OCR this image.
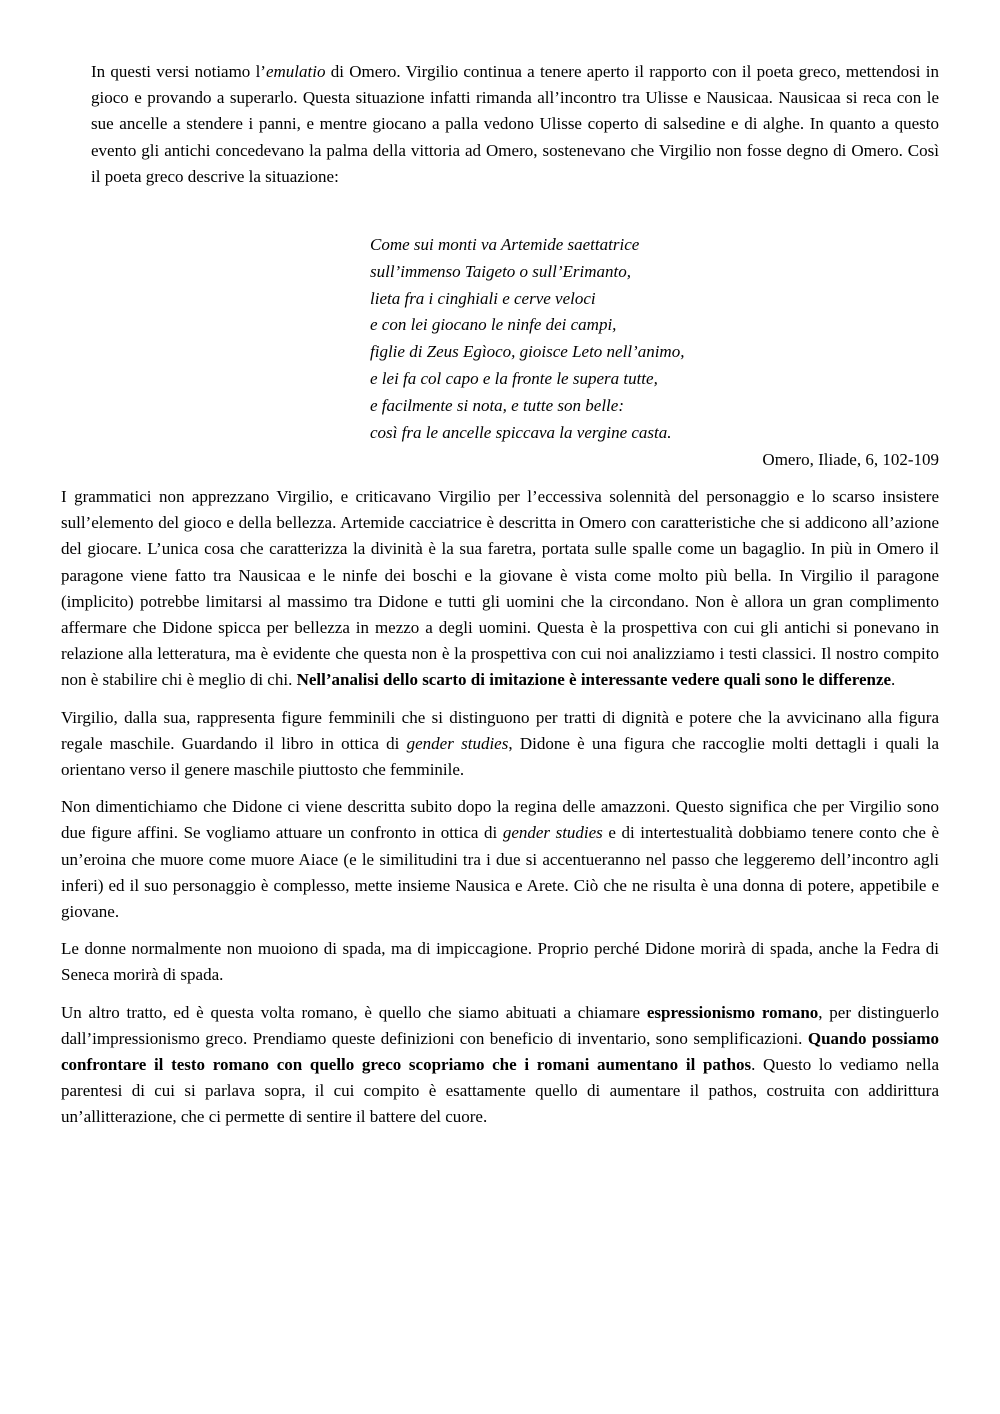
In questi versi notiamo l’emulatio di Omero. Virgilio continua a tenere aperto il rapporto con il poeta greco, mettendosi in gioco e provando a superarlo. Questa situazione infatti rimanda all’incontro tra Ulisse e Nausicaa. Nausicaa si reca con le sue ancelle a stendere i panni, e mentre giocano a palla vedono Ulisse coperto di salsedine e di alghe. In quanto a questo evento gli antichi concedevano la palma della vittoria ad Omero, sostenevano che Virgilio non fosse degno di Omero. Così il poeta greco descrive la situazione:

Come sui monti va Artemide saettatrice
sull’immenso Taigeto o sull’Erimanto,
lieta fra i cinghiali e cerve veloci
e con lei giocano le ninfe dei campi,
figlie di Zeus Egìoco, gioisce Leto nell’animo,
e lei fa col capo e la fronte le supera tutte,
e facilmente si nota, e tutte son belle:
così fra le ancelle spiccava la vergine casta.
Omero, Iliade, 6, 102-109

I grammatici non apprezzano Virgilio, e criticavano Virgilio per l’eccessiva solennità del personaggio e lo scarso insistere sull’elemento del gioco e della bellezza. Artemide cacciatrice è descritta in Omero con caratteristiche che si addicono all’azione del giocare. L’unica cosa che caratterizza la divinità è la sua faretra, portata sulle spalle come un bagaglio. In più in Omero il paragone viene fatto tra Nausicaa e le ninfe dei boschi e la giovane è vista come molto più bella. In Virgilio il paragone (implicito) potrebbe limitarsi al massimo tra Didone e tutti gli uomini che la circondano. Non è allora un gran complimento affermare che Didone spicca per bellezza in mezzo a degli uomini. Questa è la prospettiva con cui gli antichi si ponevano in relazione alla letteratura, ma è evidente che questa non è la prospettiva con cui noi analizziamo i testi classici. Il nostro compito non è stabilire chi è meglio di chi. Nell’analisi dello scarto di imitazione è interessante vedere quali sono le differenze.

Virgilio, dalla sua, rappresenta figure femminili che si distinguono per tratti di dignità e potere che la avvicinano alla figura regale maschile. Guardando il libro in ottica di gender studies, Didone è una figura che raccoglie molti dettagli i quali la orientano verso il genere maschile piuttosto che femminile.

Non dimentichiamo che Didone ci viene descritta subito dopo la regina delle amazzoni. Questo significa che per Virgilio sono due figure affini. Se vogliamo attuare un confronto in ottica di gender studies e di intertestualità dobbiamo tenere conto che è un’eroina che muore come muore Aiace (e le similitudini tra i due si accentueranno nel passo che leggeremo dell’incontro agli inferi) ed il suo personaggio è complesso, mette insieme Nausica e Arete. Ciò che ne risulta è una donna di potere, appetibile e giovane.

Le donne normalmente non muoiono di spada, ma di impiccagione. Proprio perché Didone morirà di spada, anche la Fedra di Seneca morirà di spada.

Un altro tratto, ed è questa volta romano, è quello che siamo abituati a chiamare espressionismo romano, per distinguerlo dall’impressionismo greco. Prendiamo queste definizioni con beneficio di inventario, sono semplificazioni. Quando possiamo confrontare il testo romano con quello greco scopriamo che i romani aumentano il pathos. Questo lo vediamo nella parentesi di cui si parlava sopra, il cui compito è esattamente quello di aumentare il pathos, costruita con addirittura un’allitterazione, che ci permette di sentire il battere del cuore.
